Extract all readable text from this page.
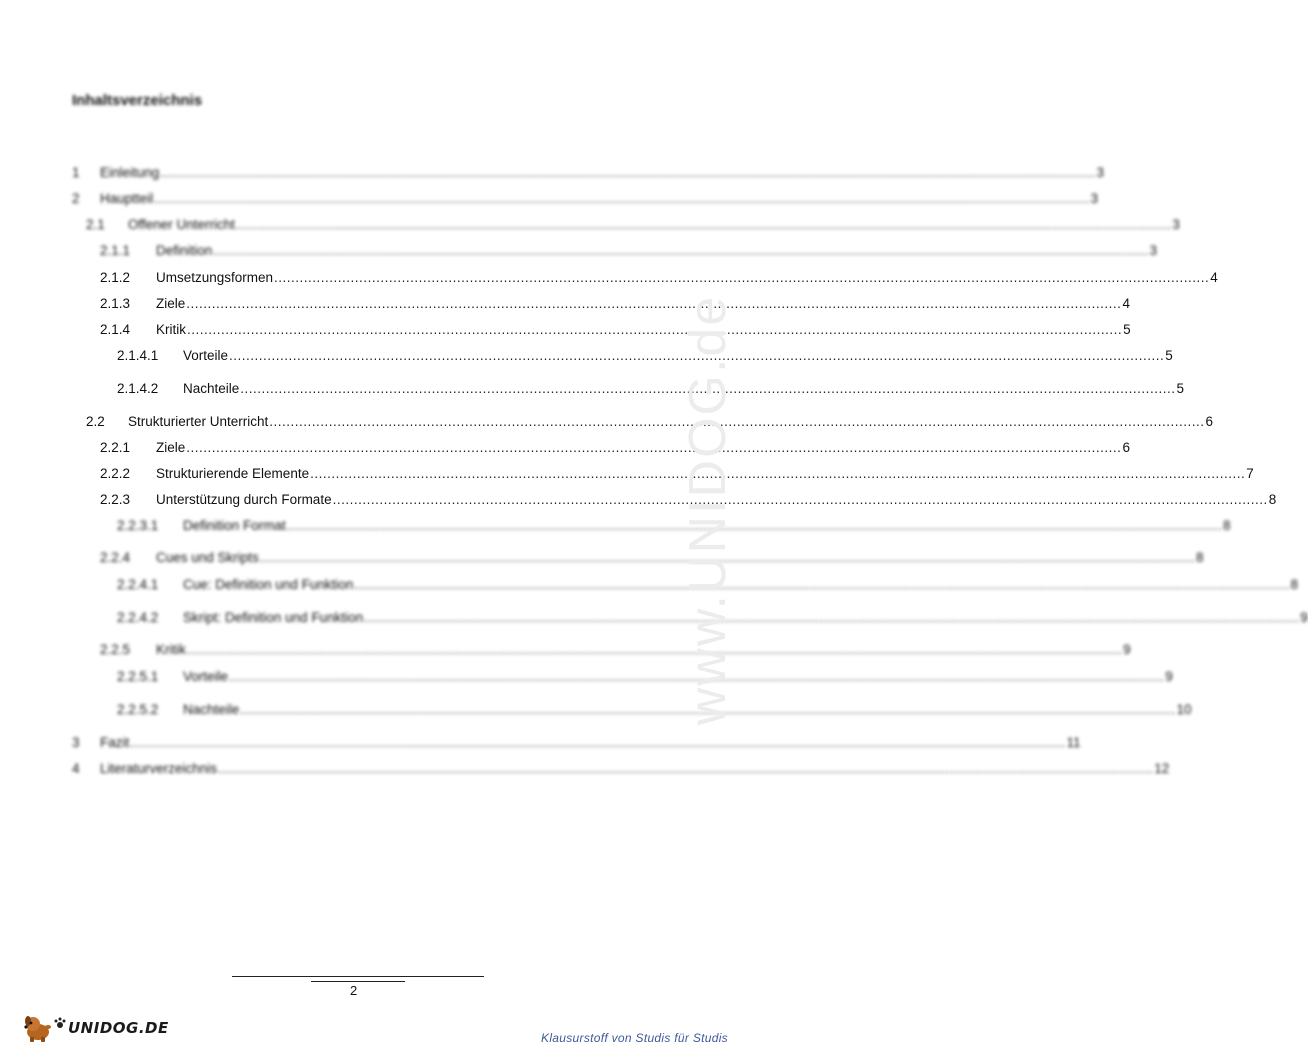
Inhaltsverzeichnis
1 Einleitung ............................................................................................................................................................................................................................ 3
2 Hauptteil ............................................................................................................................................................................................................................ 3
2.1 Offener Unterricht ............................................................................................................................................................................................................................ 3
2.1.1 Definition ............................................................................................................................................................................................................................ 3
2.1.2 Umsetzungsformen ............................................................................................................................................................................................................................ 4
2.1.3 Ziele ............................................................................................................................................................................................................................ 4
2.1.4 Kritik ............................................................................................................................................................................................................................ 5
2.1.4.1 Vorteile ............................................................................................................................................................................................................................ 5
2.1.4.2 Nachteile ............................................................................................................................................................................................................................ 5
2.2 Strukturierter Unterricht ............................................................................................................................................................................................................................ 6
2.2.1 Ziele ............................................................................................................................................................................................................................ 6
2.2.2 Strukturierende Elemente ............................................................................................................................................................................................................................ 7
2.2.3 Unterstützung durch Formate ............................................................................................................................................................................................................................ 8
2.2.3.1 Definition Format ............................................................................................................................................................................................................................ 8
2.2.4 Cues und Skripts ............................................................................................................................................................................................................................ 8
2.2.4.1 Cue: Definition und Funktion ............................................................................................................................................................................................................................ 8
2.2.4.2 Skript: Definition und Funktion ............................................................................................................................................................................................................................ 9
2.2.5 Kritik ............................................................................................................................................................................................................................ 9
2.2.5.1 Vorteile ............................................................................................................................................................................................................................ 9
2.2.5.2 Nachteile ............................................................................................................................................................................................................................ 10
3 Fazit ............................................................................................................................................................................................................................ 11
4 Literaturverzeichnis ............................................................................................................................................................................................................................ 12
www.UNIDOG.de
2
UNIDOG.DE
Klausurstoff von Studis für Studis
